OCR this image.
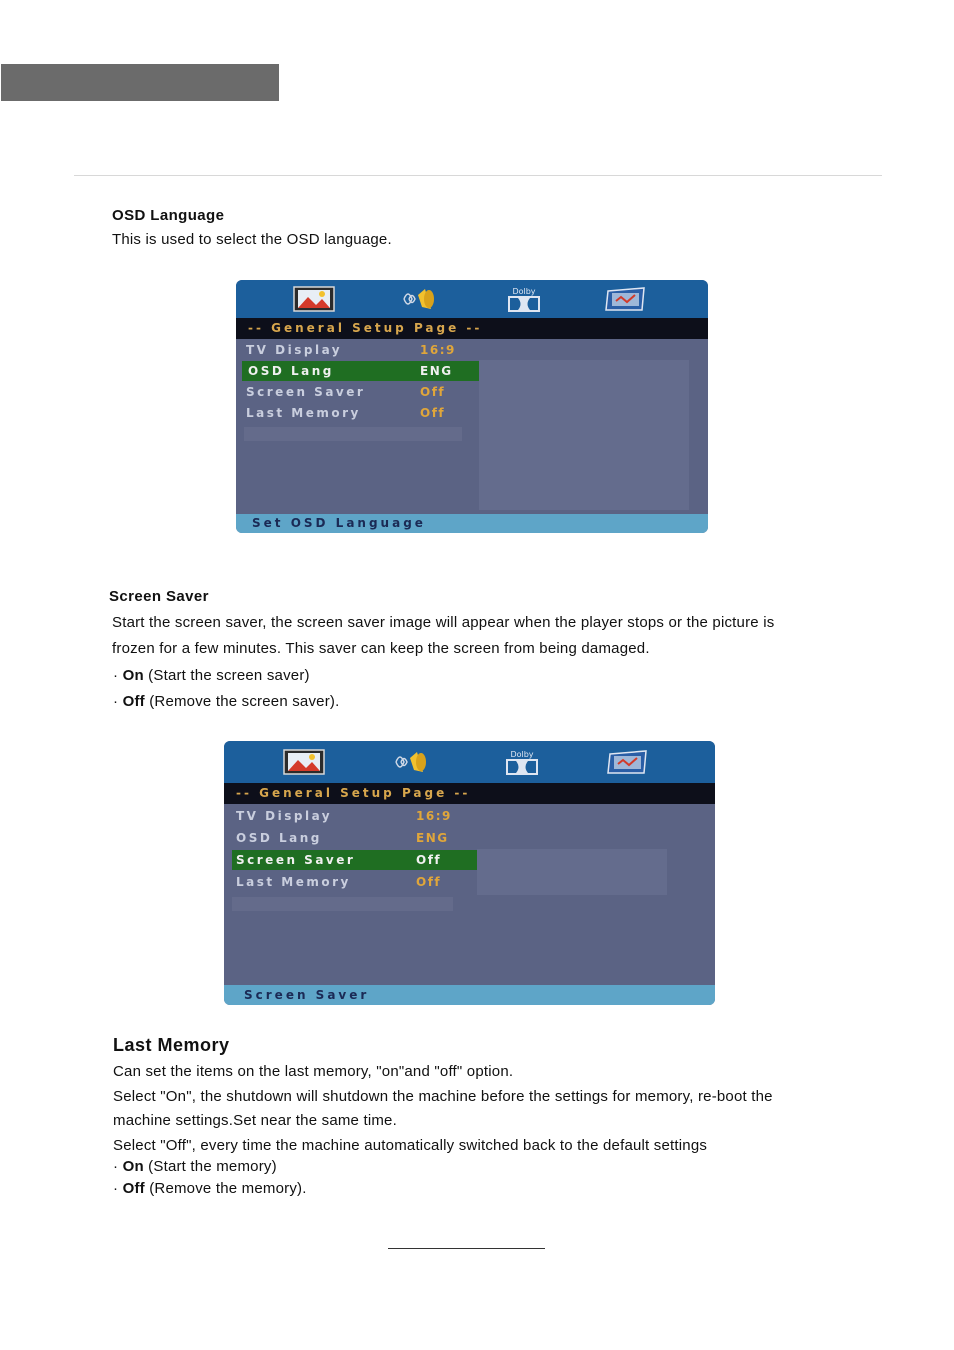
OSD Language

This is used to select the OSD language.

Dolby
-- General Setup Page --
TV Display	16:9
OSD Lang	ENG
Screen Saver	Off
Last Memory	Off
Set OSD Language
Screen Saver

Start the screen saver, the screen saver image will appear when the player stops or the picture is

frozen for a few minutes. This saver can keep the screen from being damaged.

· On (Start the screen saver)
· Off (Remove the screen saver).
Dolby
-- General Setup Page --
TV Display	16:9
OSD Lang	ENG
Screen Saver	Off
Last Memory	Off
Screen Saver
Last Memory

Can set the items on the last memory, "on"and "off" option.

Select "On", the shutdown will shutdown the machine before the settings for memory, re-boot the

machine settings.Set near the same time.

Select "Off", every time the machine automatically switched back to the default settings

· On (Start the memory)
· Off (Remove the memory).
